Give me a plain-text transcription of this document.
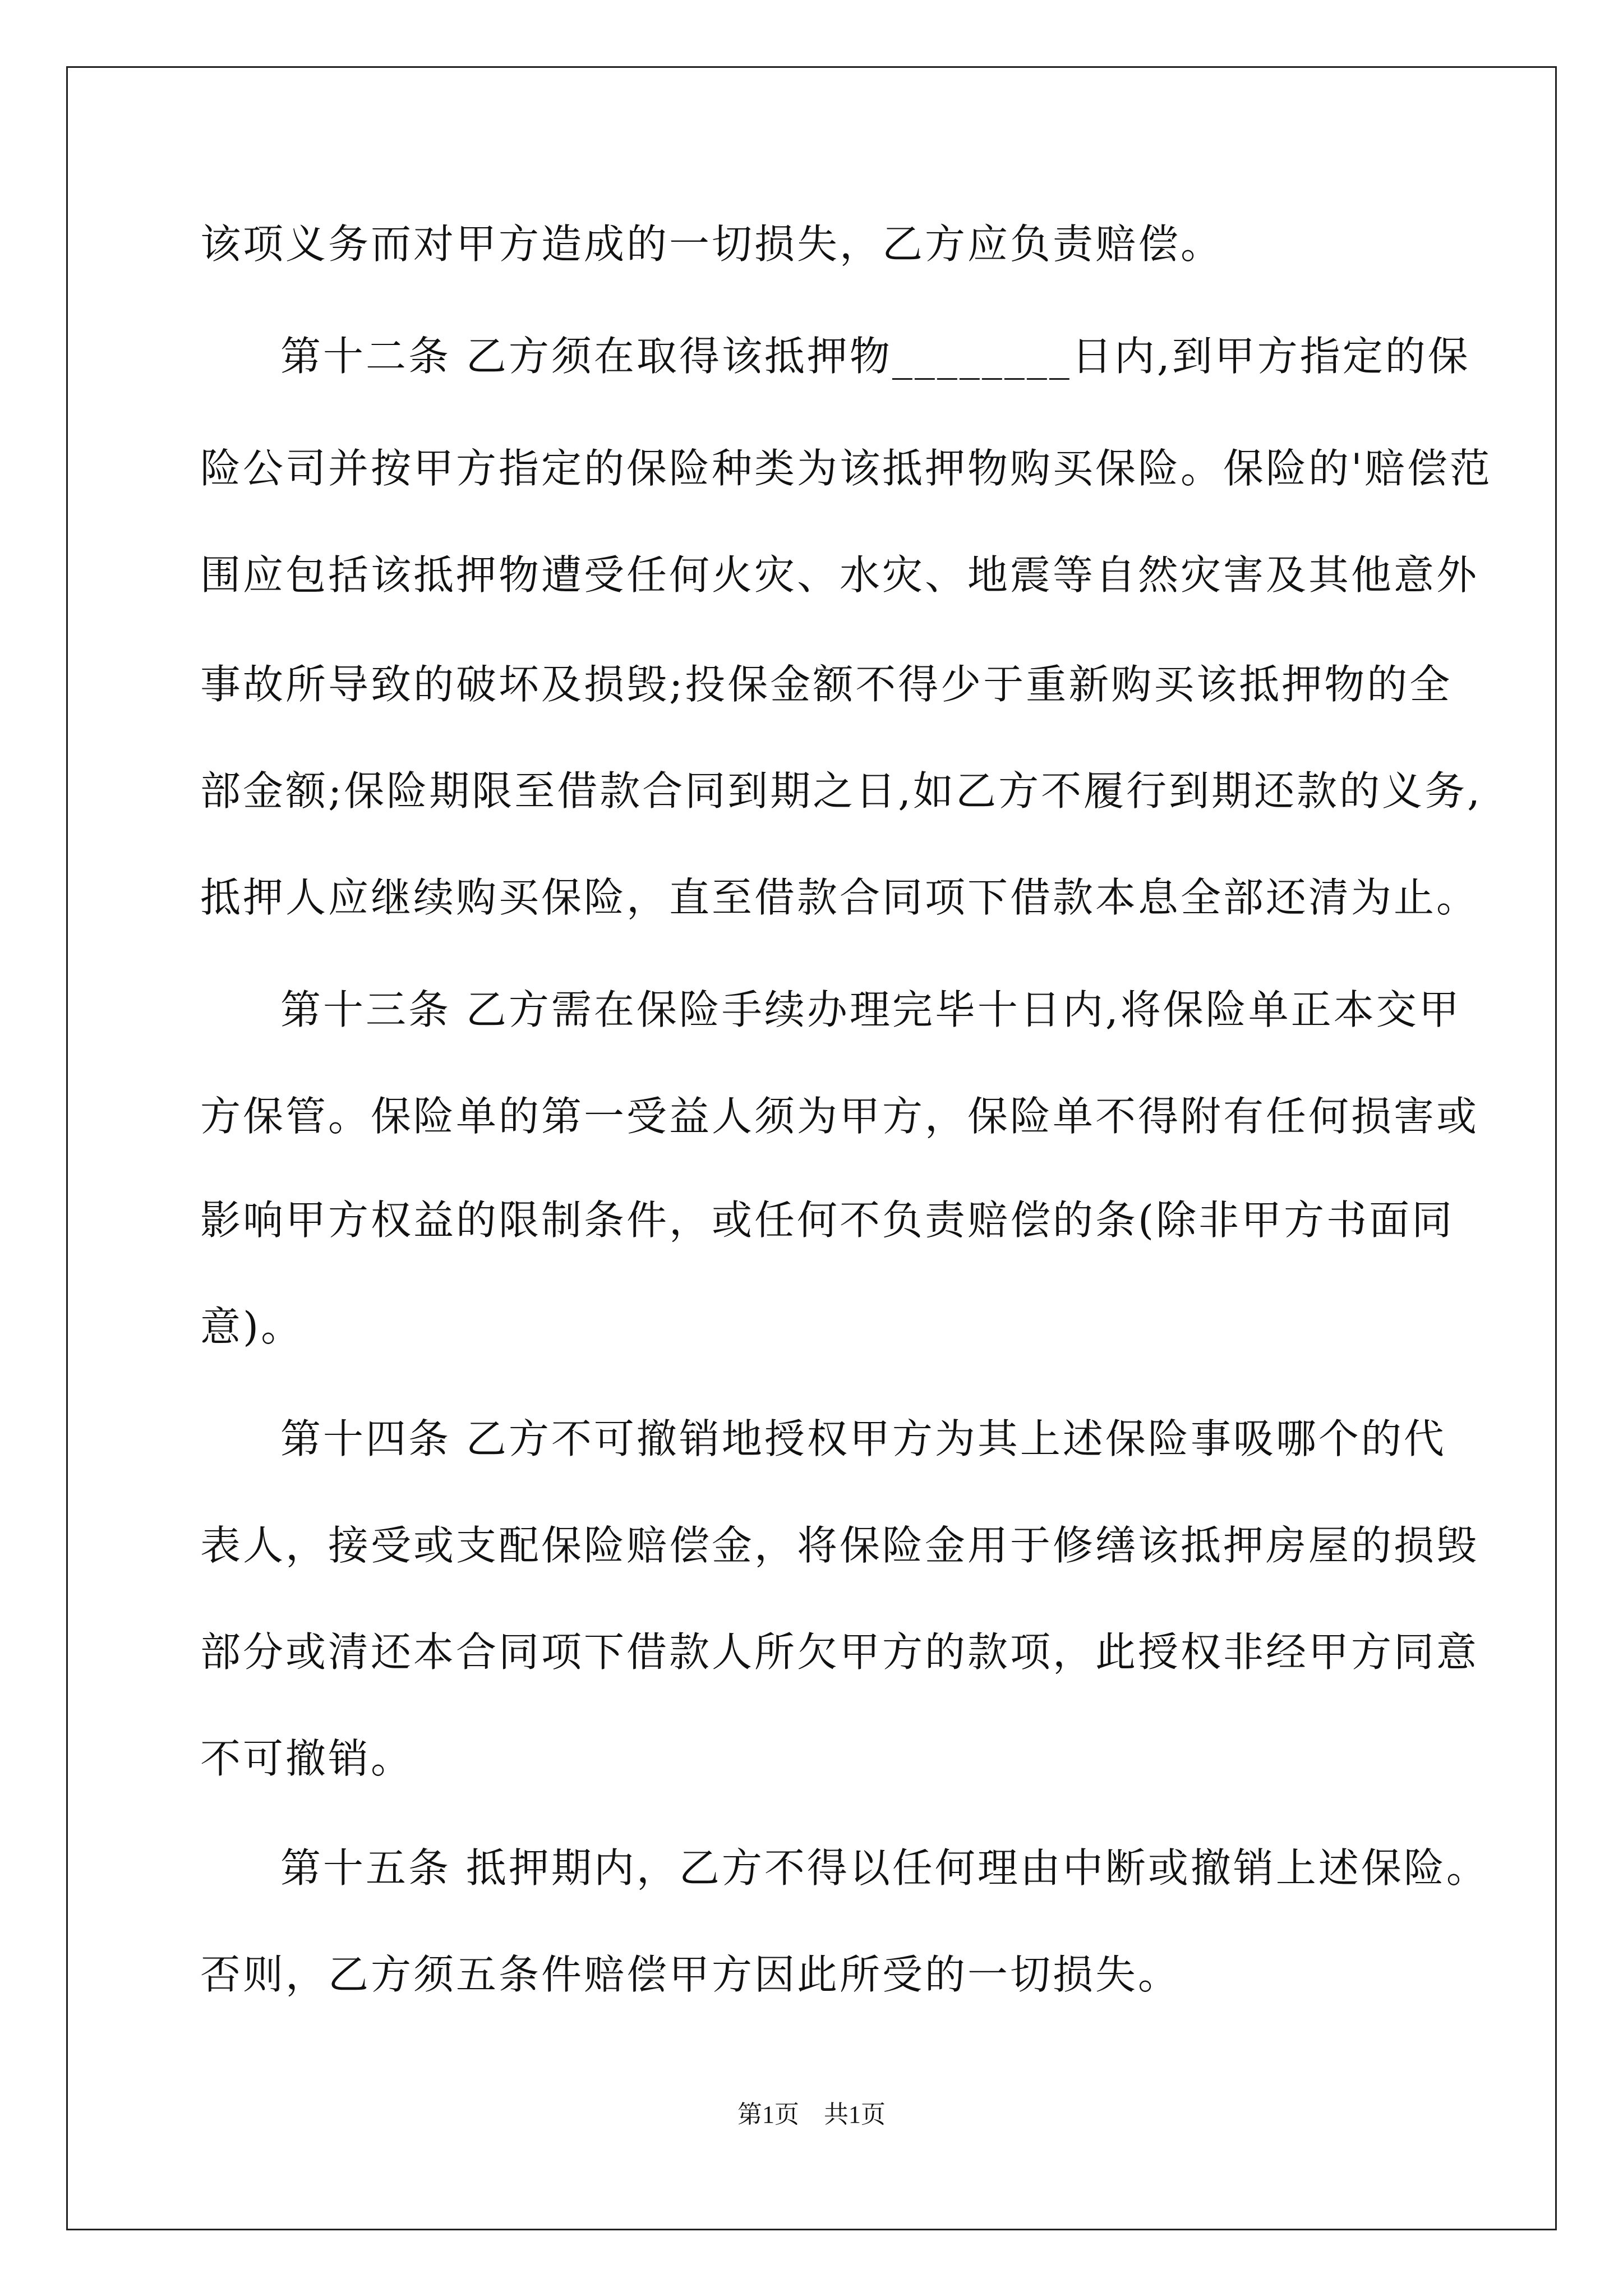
该项义务而对甲方造成的一切损失，乙方应负责赔偿。
第十二条 乙方须在取得该抵押物________日内,到甲方指定的保
险公司并按甲方指定的保险种类为该抵押物购买保险。保险的'赔偿范
围应包括该抵押物遭受任何火灾、水灾、地震等自然灾害及其他意外
事故所导致的破坏及损毁;投保金额不得少于重新购买该抵押物的全
部金额;保险期限至借款合同到期之日,如乙方不履行到期还款的义务,
抵押人应继续购买保险，直至借款合同项下借款本息全部还清为止。
第十三条 乙方需在保险手续办理完毕十日内,将保险单正本交甲
方保管。保险单的第一受益人须为甲方，保险单不得附有任何损害或
影响甲方权益的限制条件，或任何不负责赔偿的条(除非甲方书面同
意)。
第十四条 乙方不可撤销地授权甲方为其上述保险事吸哪个的代
表人，接受或支配保险赔偿金，将保险金用于修缮该抵押房屋的损毁
部分或清还本合同项下借款人所欠甲方的款项，此授权非经甲方同意
不可撤销。
第十五条 抵押期内，乙方不得以任何理由中断或撤销上述保险。
否则，乙方须五条件赔偿甲方因此所受的一切损失。
第1页　共1页
